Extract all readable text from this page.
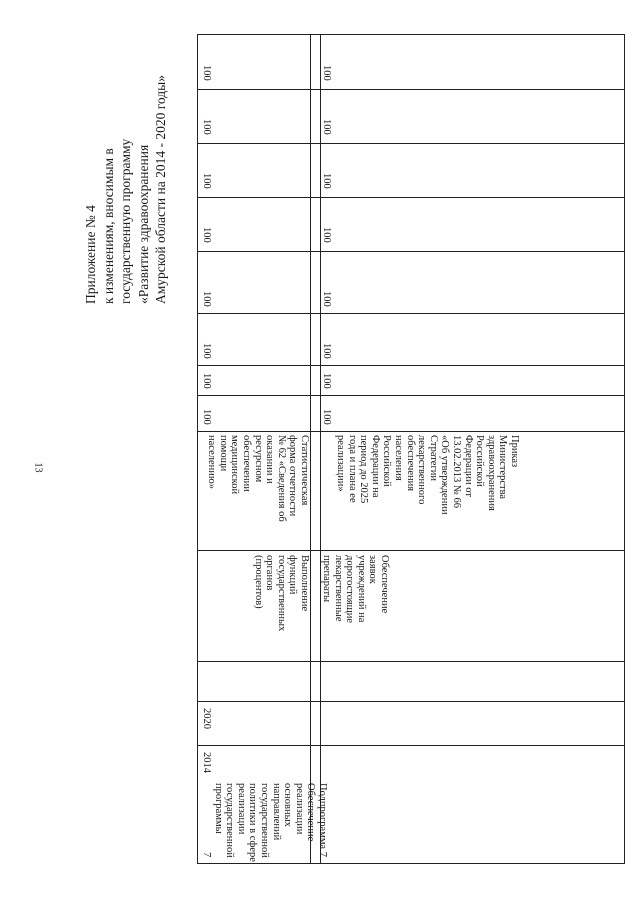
13
Приложение № 4 к изменениям, вносимым в государственную программу «Развитие здравоохранения Амурской области на 2014 - 2020 годы»
100
100
100
100
100
100
100
100
100
100
100
100
100
100
100
100
Статистическая
форма отчетности
№ 62 «Сведения об
оказании и
ресурсном
обеспечении
медицинской
помощи
населению»	Приказ
Министерства
здравоохранения
Российской
Федерации от
13.02.2013 № 66
«Об утверждении
Стратегии
лекарственного
обеспечения
населения
Российской
Федерации на
период до 2025
года и плана ее
реализации»
Выполнение
функций
государственных
органов
(процентов)	Обеспечение
заявок
учреждений на
дорогостоящие
лекарственные
препараты
2020
2014
Подпрограмма 7
Обеспечение
реализации
основных
направлений
государственной
политики в сфере
реализации
государственной
программы
7
